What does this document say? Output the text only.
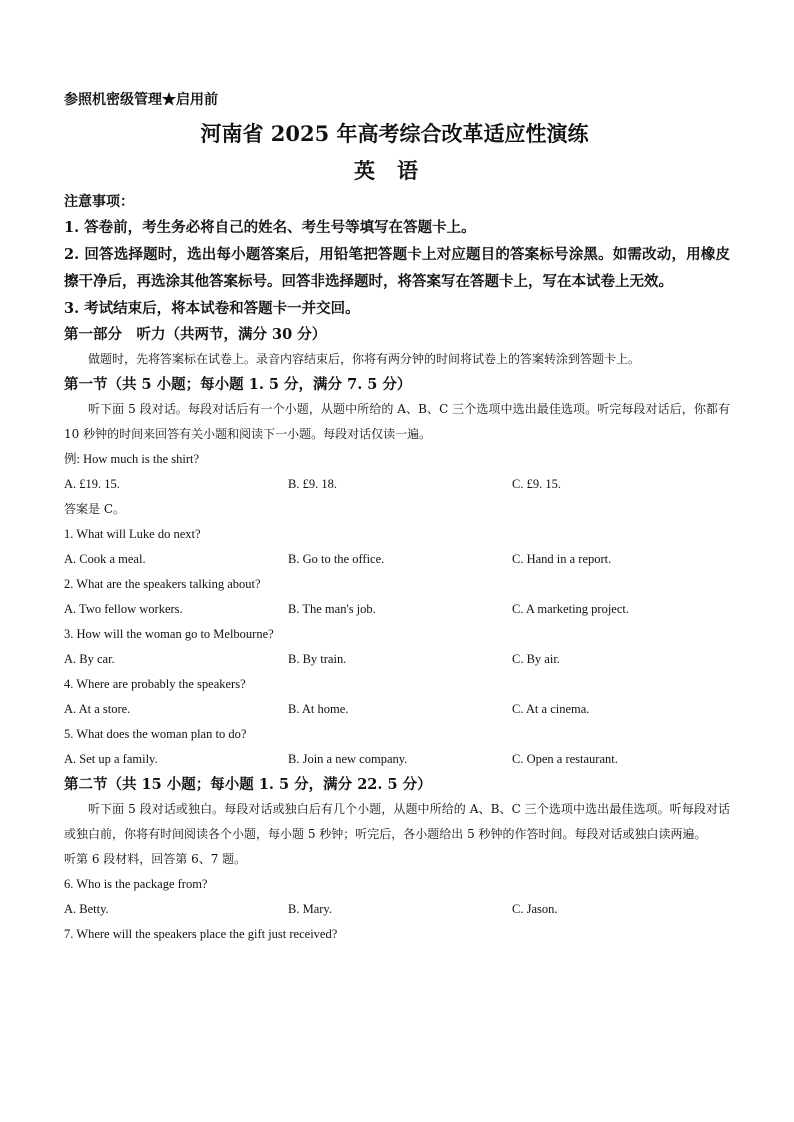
参照机密级管理★启用前
河南省 2025 年高考综合改革适应性演练
英语
注意事项：
1. 答卷前，考生务必将自己的姓名、考生号等填写在答题卡上。
2. 回答选择题时，选出每小题答案后，用铅笔把答题卡上对应题目的答案标号涂黑。如需改动，用橡皮擦干净后，再选涂其他答案标号。回答非选择题时，将答案写在答题卡上，写在本试卷上无效。
3. 考试结束后，将本试卷和答题卡一并交回。
第一部分　听力（共两节，满分 30 分）
做题时，先将答案标在试卷上。录音内容结束后，你将有两分钟的时间将试卷上的答案转涂到答题卡上。
第一节（共 5 小题；每小题 1. 5 分，满分 7. 5 分）
听下面 5 段对话。每段对话后有一个小题，从题中所给的 A、B、C 三个选项中选出最佳选项。听完每段对话后，你都有 10 秒钟的时间来回答有关小题和阅读下一小题。每段对话仅读一遍。
例: How much is the shirt?
A. £19. 15.	B. £9. 18.	C. £9. 15.
答案是 C。
1. What will Luke do next?
A. Cook a meal.	B. Go to the office.	C. Hand in a report.
2. What are the speakers talking about?
A. Two fellow workers.	B. The man's job.	C. A marketing project.
3. How will the woman go to Melbourne?
A. By car.	B. By train.	C. By air.
4. Where are probably the speakers?
A. At a store.	B. At home.	C. At a cinema.
5. What does the woman plan to do?
A. Set up a family.	B. Join a new company.	C. Open a restaurant.
第二节（共 15 小题；每小题 1. 5 分，满分 22. 5 分）
听下面 5 段对话或独白。每段对话或独白后有几个小题，从题中所给的 A、B、C 三个选项中选出最佳选项。听每段对话或独白前，你将有时间阅读各个小题，每小题 5 秒钟；听完后，各小题给出 5 秒钟的作答时间。每段对话或独白读两遍。
听第 6 段材料，回答第 6、7 题。
6. Who is the package from?
A. Betty.	B. Mary.	C. Jason.
7. Where will the speakers place the gift just received?
